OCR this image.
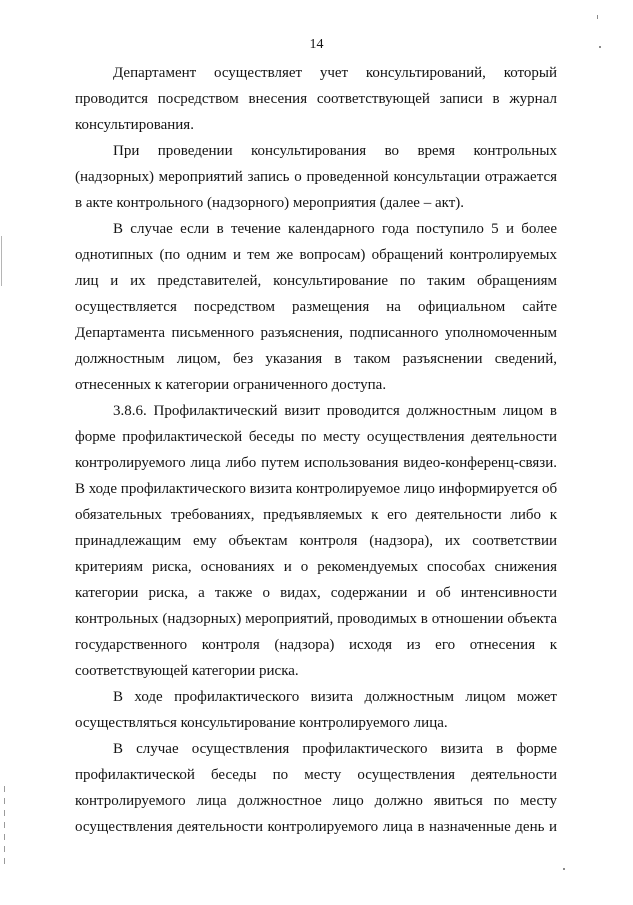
14
Департамент осуществляет учет консультирований, который
проводится посредством внесения соответствующей записи в журнал
консультирования.
При проведении консультирования во время контрольных
(надзорных) мероприятий запись о проведенной консультации отражается
в акте контрольного (надзорного) мероприятия (далее – акт).
В случае если в течение календарного года поступило 5 и более
однотипных (по одним и тем же вопросам) обращений контролируемых
лиц и их представителей, консультирование по таким обращениям
осуществляется посредством размещения на официальном сайте
Департамента письменного разъяснения, подписанного уполномоченным
должностным лицом, без указания в таком разъяснении сведений,
отнесенных к категории ограниченного доступа.
3.8.6. Профилактический визит проводится должностным лицом в
форме профилактической беседы по месту осуществления деятельности
контролируемого лица либо путем использования видео-конференц-связи.
В ходе профилактического визита контролируемое лицо информируется об
обязательных требованиях, предъявляемых к его деятельности либо к
принадлежащим ему объектам контроля (надзора), их соответствии
критериям риска, основаниях и о рекомендуемых способах снижения
категории риска, а также о видах, содержании и об интенсивности
контрольных (надзорных) мероприятий, проводимых в отношении объекта
государственного контроля (надзора) исходя из его отнесения к
соответствующей категории риска.
В ходе профилактического визита должностным лицом может
осуществляться консультирование контролируемого лица.
В случае осуществления профилактического визита в форме
профилактической беседы по месту осуществления деятельности
контролируемого лица должностное лицо должно явиться по месту
осуществления деятельности контролируемого лица в назначенные день и
